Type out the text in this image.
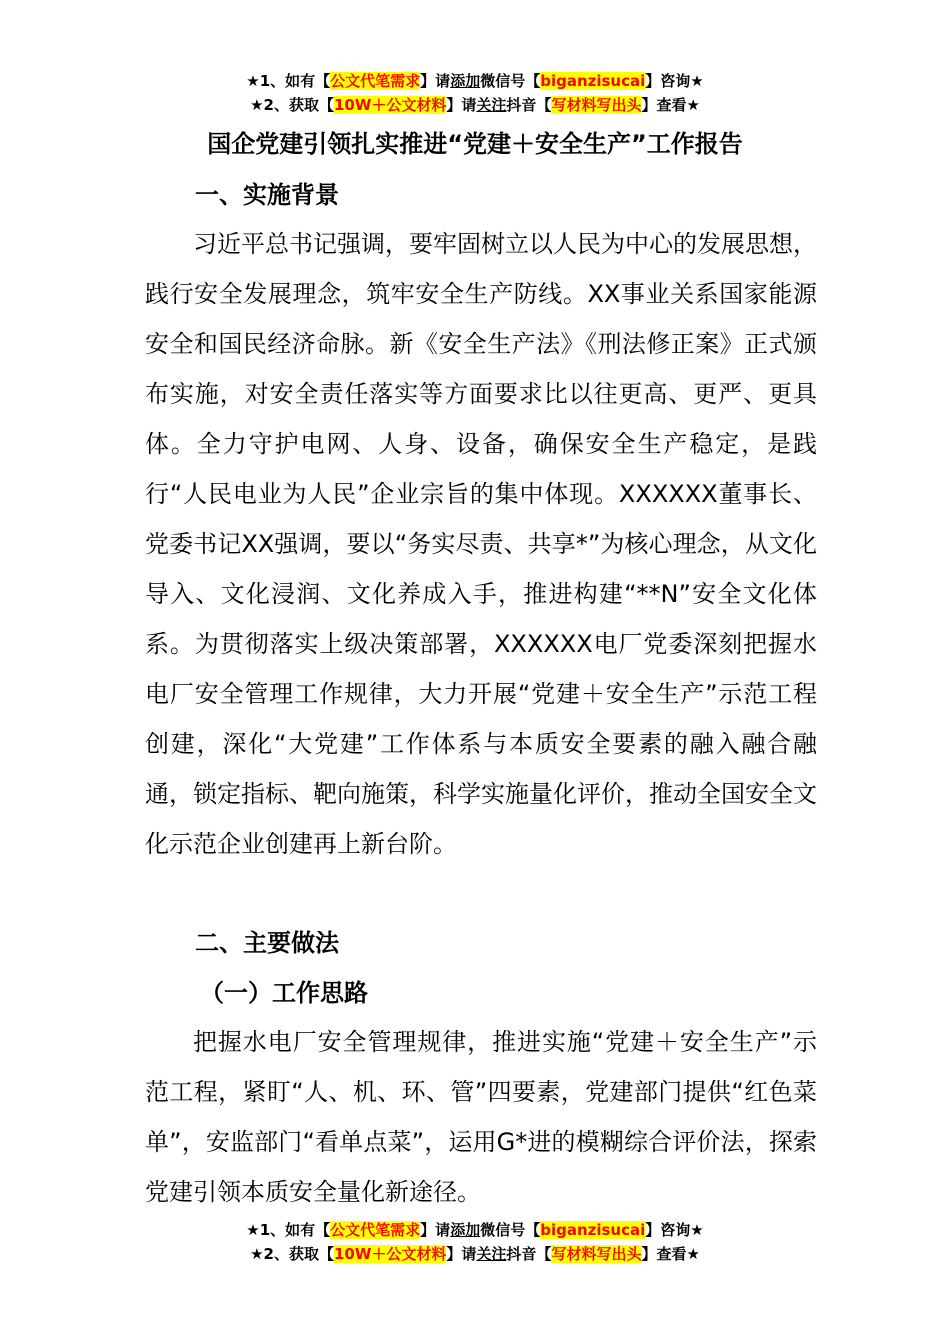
★1、如有【公文代笔需求】请添加微信号【biganzisucai】咨询★
★2、获取【10W＋公文材料】请关注抖音【写材料写出头】查看★
国企党建引领扎实推进“党建＋安全生产”工作报告
一、实施背景

习近平总书记强调，要牢固树立以人民为中心的发展思想，践行安全发展理念，筑牢安全生产防线。XX事业关系国家能源安全和国民经济命脉。新《安全生产法》《刑法修正案》正式颁布实施，对安全责任落实等方面要求比以往更高、更严、更具体。全力守护电网、人身、设备，确保安全生产稳定，是践行“人民电业为人民”企业宗旨的集中体现。XXXXXX董事长、党委书记XX强调，要以“务实尽责、共享*”为核心理念，从文化导入、文化浸润、文化养成入手，推进构建“**N”安全文化体系。为贯彻落实上级决策部署，XXXXXX电厂党委深刻把握水电厂安全管理工作规律，大力开展“党建＋安全生产”示范工程创建，深化“大党建”工作体系与本质安全要素的融入融合融通，锁定指标、靶向施策，科学实施量化评价，推动全国安全文化示范企业创建再上新台阶。

二、主要做法
（一）工作思路

把握水电厂安全管理规律，推进实施“党建＋安全生产”示范工程，紧盯“人、机、环、管”四要素，党建部门提供“红色菜单”，安监部门“看单点菜”，运用G*进的模糊综合评价法，探索党建引领本质安全量化新途径。

★1、如有【公文代笔需求】请添加微信号【biganzisucai】咨询★
★2、获取【10W＋公文材料】请关注抖音【写材料写出头】查看★
